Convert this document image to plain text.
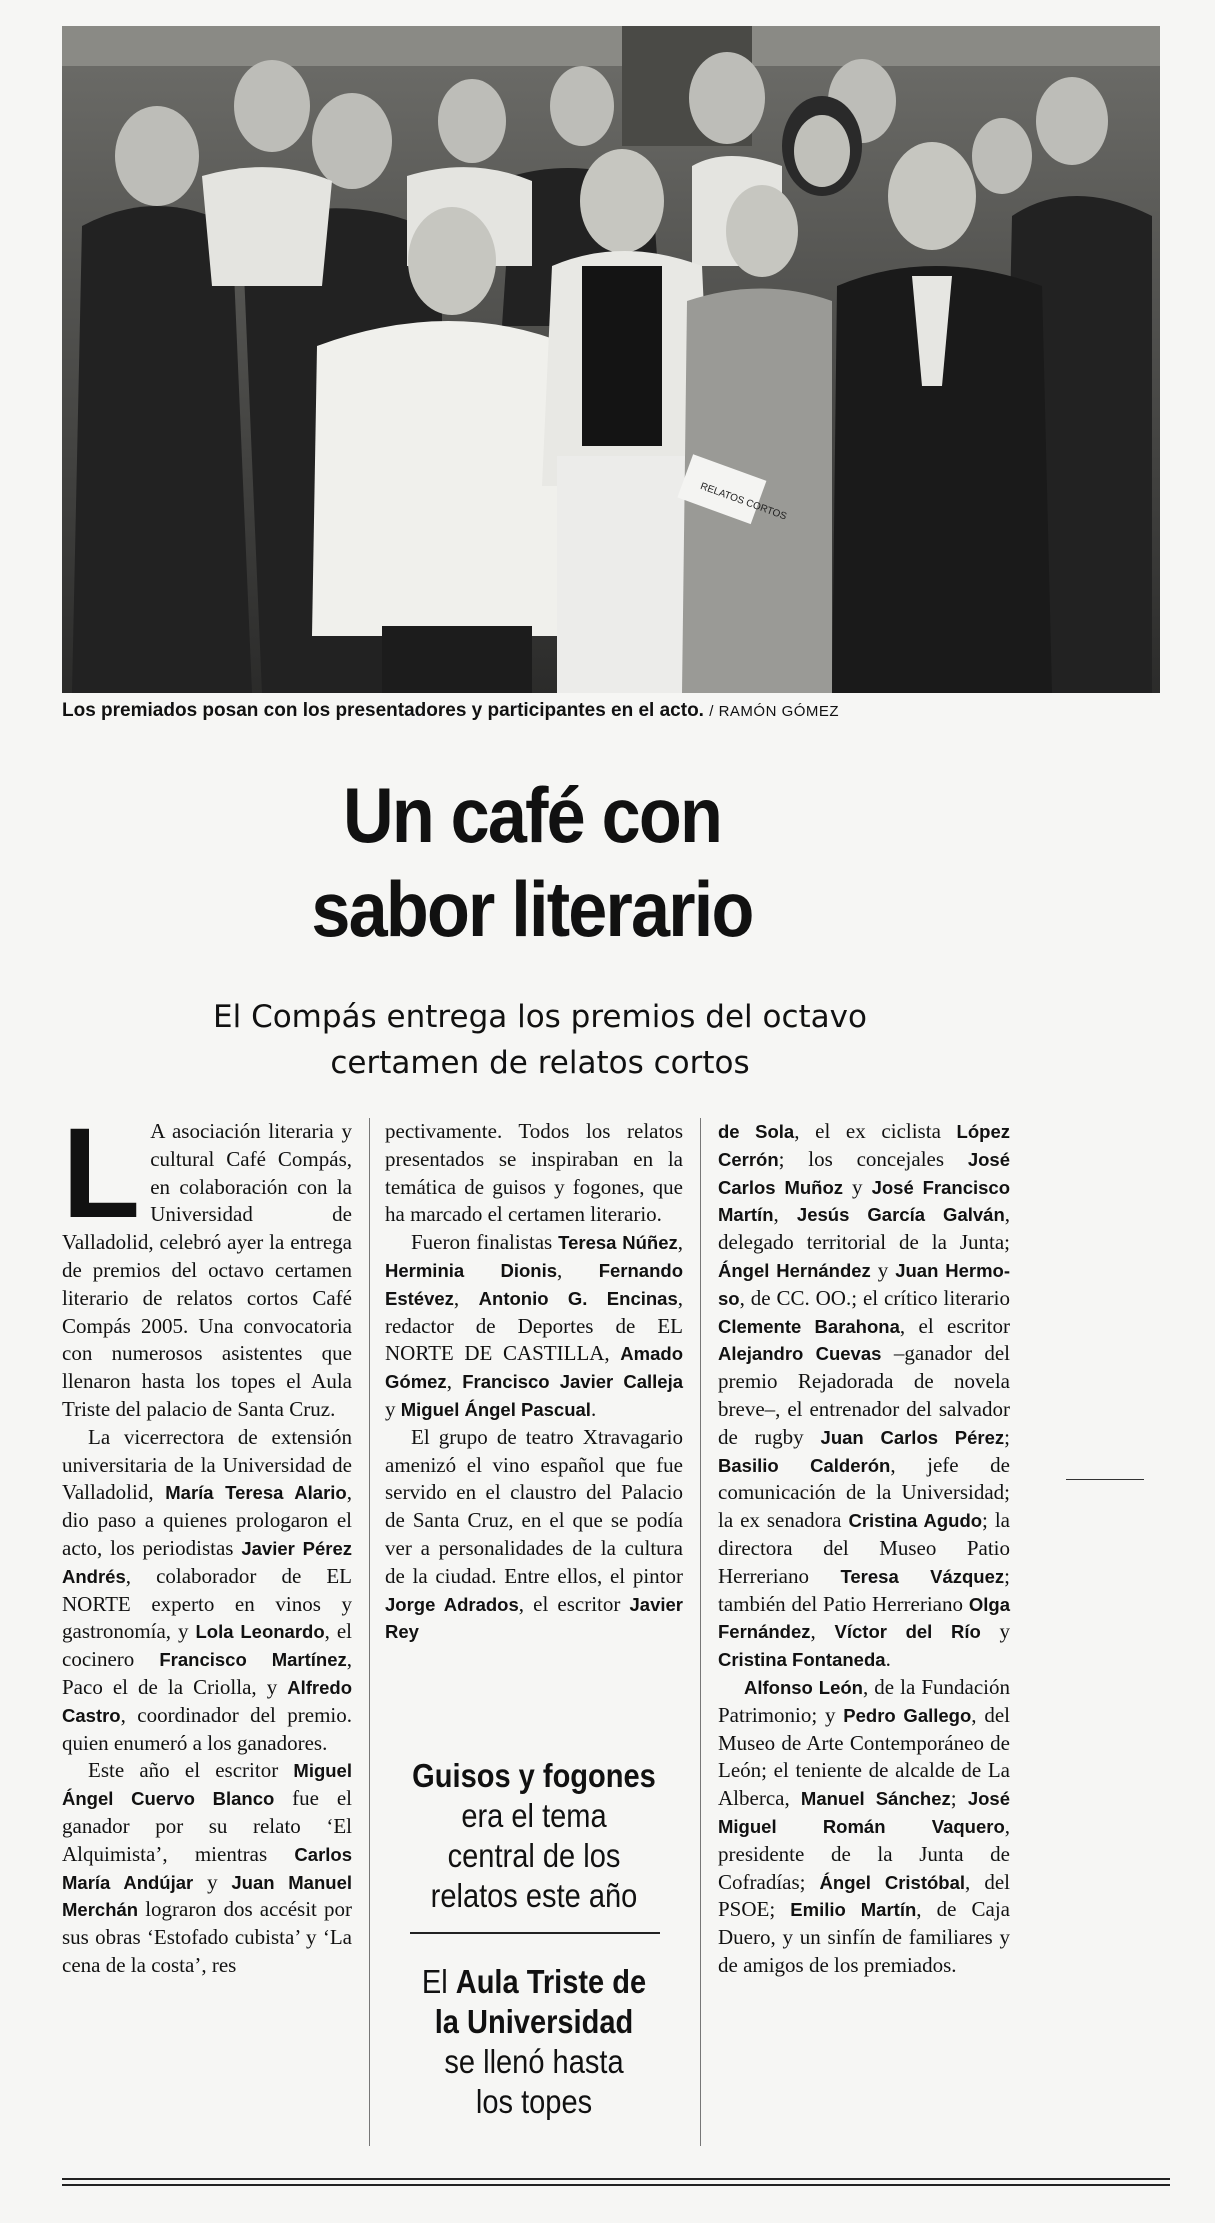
RELATOS CORTOS
Los premiados posan con los presentadores y participantes en el acto. / RAMÓN GÓMEZ
Un café con
sabor literario
El Compás entrega los premios del octavo
certamen de relatos cortos

L A asociación literaria y cultural Café Compás, en colaboración con la Universidad de Valladolid, celebró ayer la entrega de premios del octavo certamen literario de relatos cortos Café Compás 2005. Una convocatoria con numerosos asistentes que llenaron hasta los topes el Aula Triste del palacio de Santa Cruz.

La vicerrectora de extensión universitaria de la Universidad de Valladolid, María Teresa Alario, dio paso a quienes prologaron el acto, los periodistas Javier Pérez Andrés, colaborador de EL NORTE experto en vinos y gastronomía, y Lola Leonardo, el cocinero Francisco Martínez, Paco el de la Criolla, y Alfredo Castro, coordinador del premio. quien enumeró a los ganadores.

Este año el escritor Miguel Ángel Cuervo Blanco fue el ganador por su relato ‘El Alquimista’, mientras Carlos María Andújar y Juan Manuel Merchán lograron dos accésit por sus obras ‘Estofado cubista’ y ‘La cena de la costa’, res

pectivamente. Todos los relatos presentados se inspiraban en la temática de guisos y fogones, que ha marcado el certamen literario.

Fueron finalistas Teresa Núñez, Herminia Dionis, Fernando Estévez, Antonio G. Encinas, redactor de Deportes de EL NORTE DE CASTILLA, Amado Gómez, Francisco Javier Calleja y Miguel Ángel Pascual.

El grupo de teatro Xtravagario amenizó el vino español que fue servido en el claustro del Palacio de Santa Cruz, en el que se podía ver a personalidades de la cultura de la ciudad. Entre ellos, el pintor Jorge Adrados, el escritor Javier Rey

Guisos y fogones
era el tema
central de los
relatos este año
El Aula Triste de
la Universidad
se llenó hasta
los topes

de Sola, el ex ciclista López Cerrón; los concejales José Carlos Muñoz y José Francisco Martín, Jesús García Galván, delegado territorial de la Junta; Ángel Hernández y Juan Hermoso, de CC. OO.; el crítico literario Clemente Barahona, el escritor Alejandro Cuevas –ganador del premio Rejadorada de novela breve–, el entrenador del salvador de rugby Juan Carlos Pérez; Basilio Calderón, jefe de comunicación de la Universidad; la ex senadora Cristina Agudo; la directora del Museo Patio Herreriano Teresa Vázquez; también del Patio Herreriano Olga Fernández, Víctor del Río y Cristina Fontaneda.

Alfonso León, de la Fundación Patrimonio; y Pedro Gallego, del Museo de Arte Contemporáneo de León; el teniente de alcalde de La Alberca, Manuel Sánchez; José Miguel Román Vaquero, presidente de la Junta de Cofradías; Ángel Cristóbal, del PSOE; Emilio Martín, de Caja Duero, y un sinfín de familiares y de amigos de los premiados.
